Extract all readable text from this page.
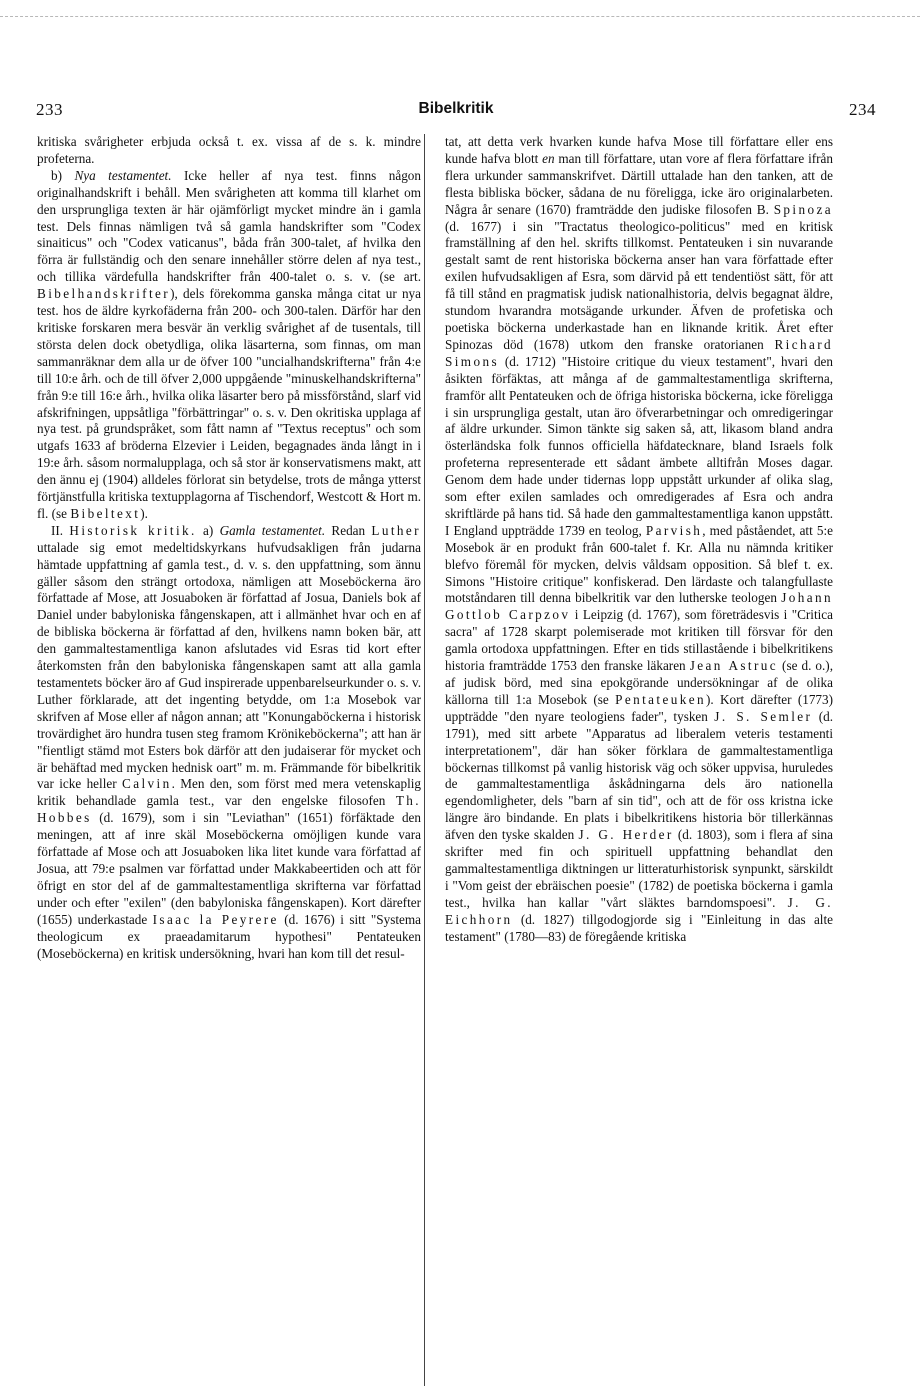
233	Bibelkritik	234

kritiska svårigheter erbjuda också t. ex. vissa af de s. k. mindre profeterna.

b) Nya testamentet. Icke heller af nya test. finns någon originalhandskrift i behåll. Men svårigheten att komma till klarhet om den ursprungliga texten är här ojämförligt mycket mindre än i gamla test. Dels finnas nämligen två så gamla handskrifter som "Codex sinaiticus" och "Codex vaticanus", båda från 300-talet, af hvilka den förra är fullständig och den senare innehåller större delen af nya test., och tillika värdefulla handskrifter från 400-talet o. s. v. (se art. Bibelhandskrifter), dels förekomma ganska många citat ur nya test. hos de äldre kyrkofäderna från 200- och 300-talen. Därför har den kritiske forskaren mera besvär än verklig svårighet af de tusentals, till största delen dock obetydliga, olika läsarterna, som finnas, om man sammanräknar dem alla ur de öfver 100 "uncialhandskrifterna" från 4:e till 10:e årh. och de till öfver 2,000 uppgående "minuskelhandskrifterna" från 9:e till 16:e årh., hvilka olika läsarter bero på missförstånd, slarf vid afskrifningen, uppsåtliga "förbättringar" o. s. v. Den okritiska upplaga af nya test. på grundspråket, som fått namn af "Textus receptus" och som utgafs 1633 af bröderna Elzevier i Leiden, begagnades ända långt in i 19:e årh. såsom normalupplaga, och så stor är konservatismens makt, att den ännu ej (1904) alldeles förlorat sin betydelse, trots de många ytterst förtjänstfulla kritiska textupplagorna af Tischendorf, Westcott & Hort m. fl. (se Bibeltext).

II. Historisk kritik. a) Gamla testamentet. Redan Luther uttalade sig emot medeltidskyrkans hufvudsakligen från judarna hämtade uppfattning af gamla test., d. v. s. den uppfattning, som ännu gäller såsom den strängt ortodoxa, nämligen att Moseböckerna äro författade af Mose, att Josuaboken är författad af Josua, Daniels bok af Daniel under babyloniska fångenskapen, att i allmänhet hvar och en af de bibliska böckerna är författad af den, hvilkens namn boken bär, att den gammaltestamentliga kanon afslutades vid Esras tid kort efter återkomsten från den babyloniska fångenskapen samt att alla gamla testamentets böcker äro af Gud inspirerade uppenbarelseurkunder o. s. v. Luther förklarade, att det ingenting betydde, om 1:a Mosebok var skrifven af Mose eller af någon annan; att "Konungaböckerna i historisk trovärdighet äro hundra tusen steg framom Krönikeböckerna"; att han är "fientligt stämd mot Esters bok därför att den judaiserar för mycket och är behäftad med mycken hednisk oart" m. m. Främmande för bibelkritik var icke heller Calvin. Men den, som först med mera vetenskaplig kritik behandlade gamla test., var den engelske filosofen Th. Hobbes (d. 1679), som i sin "Leviathan" (1651) förfäktade den meningen, att af inre skäl Moseböckerna omöjligen kunde vara författade af Mose och att Josuaboken lika litet kunde vara författad af Josua, att 79:e psalmen var författad under Makkabeertiden och att för öfrigt en stor del af de gammaltestamentliga skrifterna var författad under och efter "exilen" (den babyloniska fångenskapen). Kort därefter (1655) underkastade Isaac la Peyrere (d. 1676) i sitt "Systema theologicum ex praeadamitarum hypothesi" Pentateuken (Moseböckerna) en kritisk undersökning, hvari han kom till det resul-

tat, att detta verk hvarken kunde hafva Mose till författare eller ens kunde hafva blott en man till författare, utan vore af flera författare ifrån flera urkunder sammanskrifvet. Därtill uttalade han den tanken, att de flesta bibliska böcker, sådana de nu föreligga, icke äro originalarbeten. Några år senare (1670) framträdde den judiske filosofen B. Spinoza (d. 1677) i sin "Tractatus theologico-politicus" med en kritisk framställning af den hel. skrifts tillkomst. Pentateuken i sin nuvarande gestalt samt de rent historiska böckerna anser han vara författade efter exilen hufvudsakligen af Esra, som därvid på ett tendentiöst sätt, för att få till stånd en pragmatisk judisk nationalhistoria, delvis begagnat äldre, stundom hvarandra motsägande urkunder. Äfven de profetiska och poetiska böckerna underkastade han en liknande kritik. Året efter Spinozas död (1678) utkom den franske oratorianen Richard Simons (d. 1712) "Histoire critique du vieux testament", hvari den åsikten förfäktas, att många af de gammaltestamentliga skrifterna, framför allt Pentateuken och de öfriga historiska böckerna, icke föreligga i sin ursprungliga gestalt, utan äro öfverarbetningar och omredigeringar af äldre urkunder. Simon tänkte sig saken så, att, likasom bland andra österländska folk funnos officiella häfdatecknare, bland Israels folk profeterna representerade ett sådant ämbete alltifrån Moses dagar. Genom dem hade under tidernas lopp uppstått urkunder af olika slag, som efter exilen samlades och omredigerades af Esra och andra skriftlärde på hans tid. Så hade den gammaltestamentliga kanon uppstått. I England uppträdde 1739 en teolog, Parvish, med påståendet, att 5:e Mosebok är en produkt från 600-talet f. Kr. Alla nu nämnda kritiker blefvo föremål för mycken, delvis våldsam opposition. Så blef t. ex. Simons "Histoire critique" konfiskerad. Den lärdaste och talangfullaste motståndaren till denna bibelkritik var den lutherske teologen Johann Gottlob Carpzov i Leipzig (d. 1767), som företrädesvis i "Critica sacra" af 1728 skarpt polemiserade mot kritiken till försvar för den gamla ortodoxa uppfattningen. Efter en tids stillastående i bibelkritikens historia framträdde 1753 den franske läkaren Jean Astruc (se d. o.), af judisk börd, med sina epokgörande undersökningar af de olika källorna till 1:a Mosebok (se Pentateuken). Kort därefter (1773) uppträdde "den nyare teologiens fader", tysken J. S. Semler (d. 1791), med sitt arbete "Apparatus ad liberalem veteris testamenti interpretationem", där han söker förklara de gammaltestamentliga böckernas tillkomst på vanlig historisk väg och söker uppvisa, huruledes de gammaltestamentliga åskådningarna dels äro nationella egendomligheter, dels "barn af sin tid", och att de för oss kristna icke längre äro bindande. En plats i bibelkritikens historia bör tillerkännas äfven den tyske skalden J. G. Herder (d. 1803), som i flera af sina skrifter med fin och spirituell uppfattning behandlat den gammaltestamentliga diktningen ur litteraturhistorisk synpunkt, särskildt i "Vom geist der ebräischen poesie" (1782) de poetiska böckerna i gamla test., hvilka han kallar "vårt släktes barndomspoesi". J. G. Eichhorn (d. 1827) tillgodogjorde sig i "Einleitung in das alte testament" (1780—83) de föregående kritiska
